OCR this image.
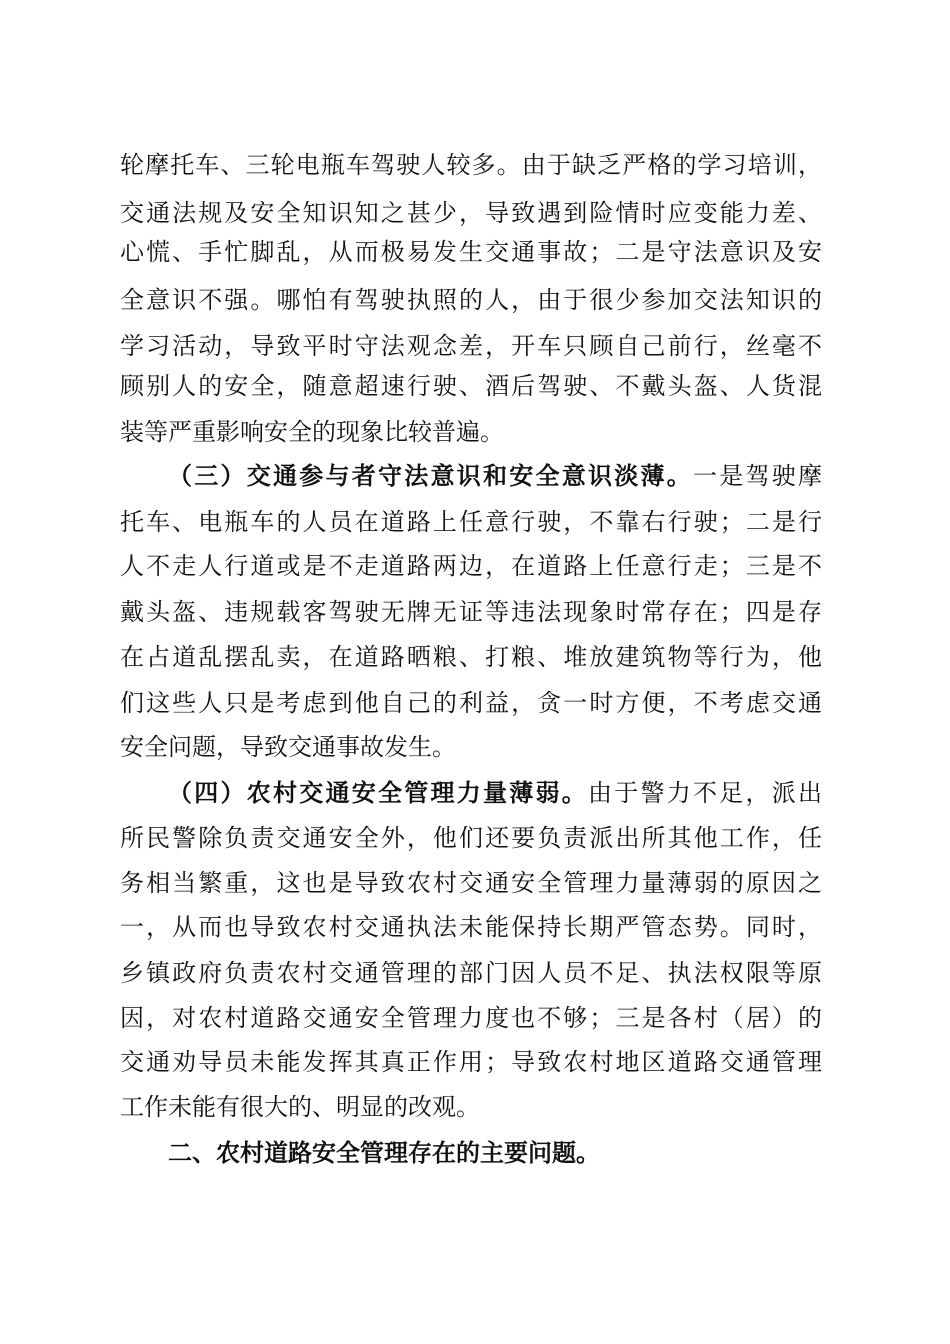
轮摩托车、三轮电瓶车驾驶人较多。由于缺乏严格的学习培训，
交通法规及安全知识知之甚少，导致遇到险情时应变能力差、
心慌、手忙脚乱，从而极易发生交通事故；二是守法意识及安
全意识不强。哪怕有驾驶执照的人，由于很少参加交法知识的
学习活动，导致平时守法观念差，开车只顾自己前行，丝毫不
顾别人的安全，随意超速行驶、酒后驾驶、不戴头盔、人货混
装等严重影响安全的现象比较普遍。
（三）交通参与者守法意识和安全意识淡薄。一是驾驶摩
托车、电瓶车的人员在道路上任意行驶，不靠右行驶；二是行
人不走人行道或是不走道路两边，在道路上任意行走；三是不
戴头盔、违规载客驾驶无牌无证等违法现象时常存在；四是存
在占道乱摆乱卖，在道路晒粮、打粮、堆放建筑物等行为，他
们这些人只是考虑到他自己的利益，贪一时方便，不考虑交通
安全问题，导致交通事故发生。
（四）农村交通安全管理力量薄弱。由于警力不足，派出
所民警除负责交通安全外，他们还要负责派出所其他工作，任
务相当繁重，这也是导致农村交通安全管理力量薄弱的原因之
一，从而也导致农村交通执法未能保持长期严管态势。同时，
乡镇政府负责农村交通管理的部门因人员不足、执法权限等原
因，对农村道路交通安全管理力度也不够；三是各村（居）的
交通劝导员未能发挥其真正作用；导致农村地区道路交通管理
工作未能有很大的、明显的改观。
二、农村道路安全管理存在的主要问题。
